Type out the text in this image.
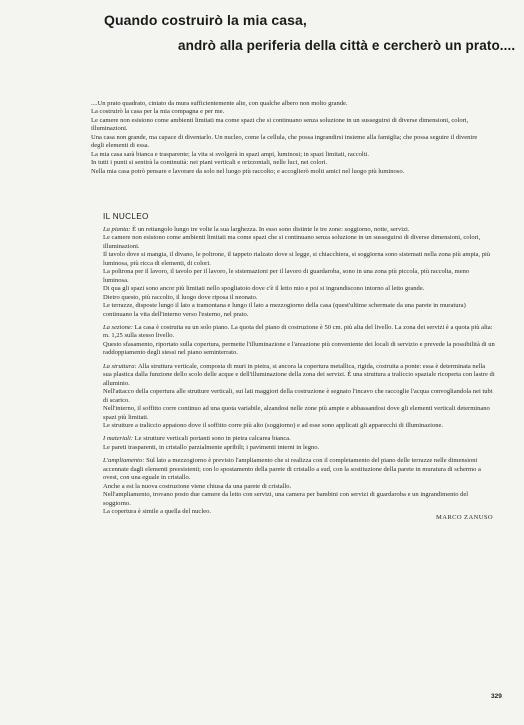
Quando costruirò la mia casa,
andrò alla periferia della città e cercherò un prato....

....Un prato quadrato, cintato da mura sufficientemente alte, con qualche albero non molto grande.

La costruirò la casa per la mia compagna e per me.

Le camere non esistono come ambienti limitati ma come spazi che si continuano senza soluzione in un susseguirsi di diverse dimensioni, colori, illuminazioni.

Una casa non grande, ma capace di diventarlo. Un nucleo, come la cellula, che possa ingrandirsi insieme alla famiglia; che possa seguire il divenire degli elementi di essa.

La mia casa sarà bianca e trasparente; la vita si svolgerà in spazi ampi, luminosi; in spazi limitati, raccolti.

In tutti i punti si sentirà la continuità: nei piani verticali e orizzontali, nelle luci, nei colori.

Nella mia casa potrò pensare e lavorare da solo nel luogo più raccolto; e accoglierò molti amici nel luogo più luminoso.

IL NUCLEO

La pianta: È un rettangolo lungo tre volte la sua larghezza. In esso sono distinte le tre zone: soggiorno, notte, servizi.

Le camere non esistono come ambienti limitati ma come spazi che si continuano senza soluzione in un susseguirsi di diverse dimensioni, colori, illuminazioni.

Il tavolo dove si mangia, il divano, le poltrone, il tappeto rialzato dove si legge, si chiacchiera, si soggiorna sono sistemati nella zona più ampia, più luminosa, più ricca di elementi, di colori.

La poltrona per il lavoro, il tavolo per il lavoro, le sistemazioni per il lavoro di guardaroba, sono in una zona più piccola, più raccolta, meno luminosa.

Di qua gli spazi sono ancor più limitati nello spogliatoio dove c'è il letto mio e poi si ingrandiscono intorno al letto grande.

Dietro questo, più raccolto, il luogo dove riposa il neonato.

Le terrazze, disposte lungo il lato a tramontana e lungo il lato a mezzogiorno della casa (quest'ultime schermate da una parete in muratura) continuano la vita dell'interno verso l'esterno, nel prato.

La sezione: La casa è costruita su un solo piano. La quota del piano di costruzione è 50 cm. più alta del livello. La zona dei servizi è a quota più alta: m. 1,25 sulla stesso livello.

Questo sfasamento, riportato sulla copertura, permette l'illuminazione e l'areazione più conveniente dei locali di servizio e prevede la possibilità di un raddoppiamento degli stessi nel piano seminterrato.

La struttura: Alla struttura verticale, composta di muri in pietra, si ancora la copertura metallica, rigida, costruita a ponte: essa è determinata nella sua plastica dalla funzione dello scolo delle acque e dell'illuminazione della zona dei servizi. È una struttura a traliccio spaziale ricoperta con lastre di alluminio.

Nell'attacco della copertura alle strutture verticali, sui lati maggiori della costruzione è segnato l'incavo che raccoglie l'acqua convogliandola nei tubi di scarico.

Nell'interno, il soffitto corre continuo ad una quota variabile, alzandosi nelle zone più ampie e abbassandosi dove gli elementi verticali determinano spazi più limitati.

Le strutture a traliccio appaiono dove il soffitto corre più alto (soggiorno) e ad esse sono applicati gli apparecchi di illuminazione.

I materiali: Le strutture verticali portanti sono in pietra calcarea bianca.

Le pareti trasparenti, in cristallo parzialmente apribili; i pavimenti interni in legno.

L'ampliamento: Sul lato a mezzogiorno è previsto l'ampliamento che si realizza con il completamento del piano delle terrazze nelle dimensioni accennate dagli elementi preesistenti; con lo spostamento della parete di cristallo a sud, con la sostituzione della parete in muratura di schermo a ovest, con una eguale in cristallo.

Anche a est la nuova costruzione viene chiusa da una parete di cristallo.

Nell'ampliamento, trovano posto due camere da letto con servizi, una camera per bambini con servizi di guardaroba e un ingrandimento del soggiorno.

La copertura è simile a quella del nucleo.

MARCO ZANUSO
329
